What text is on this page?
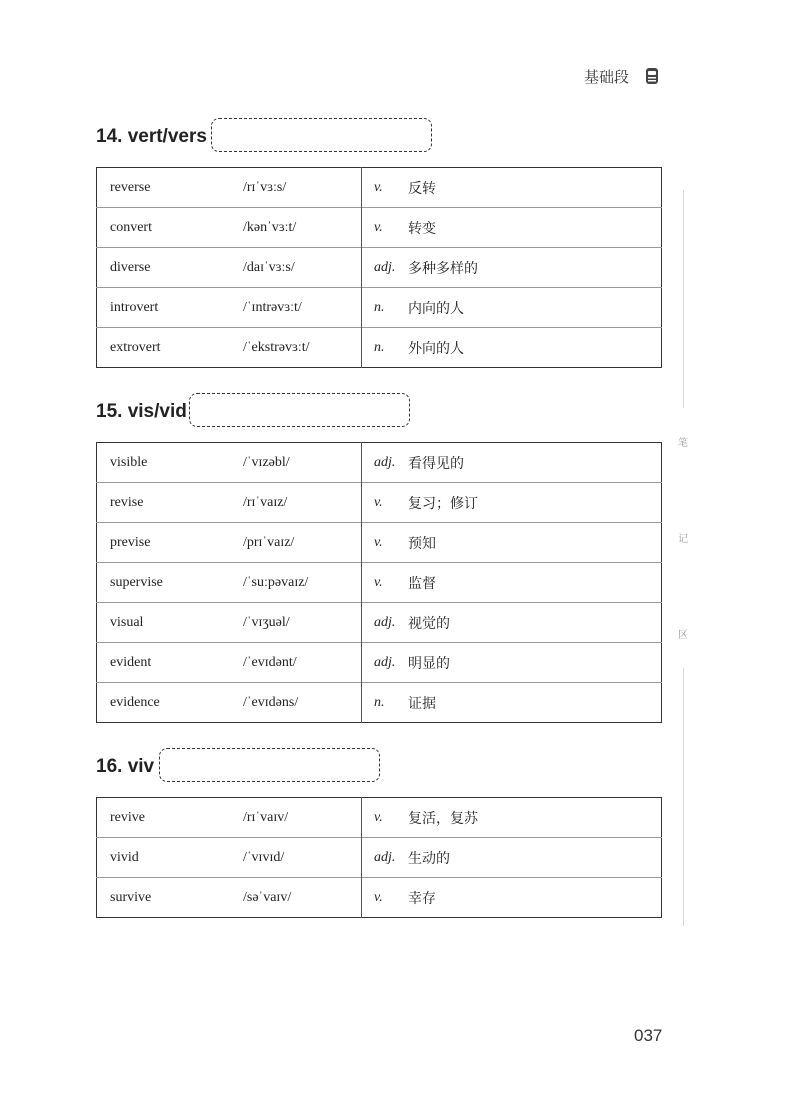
基础段
笔
记
区
14. vert/vers
reverse	/rɪˈvɜːs/	v.	反转
convert	/kənˈvɜːt/	v.	转变
diverse	/daɪˈvɜːs/	adj.	多种多样的
introvert	/ˈɪntrəvɜːt/	n.	内向的人
extrovert	/ˈekstrəvɜːt/	n.	外向的人
15. vis/vid
visible	/ˈvɪzəbl/	adj.	看得见的
revise	/rɪˈvaɪz/	v.	复习；修订
previse	/prɪˈvaɪz/	v.	预知
supervise	/ˈsuːpəvaɪz/	v.	监督
visual	/ˈvɪʒuəl/	adj.	视觉的
evident	/ˈevɪdənt/	adj.	明显的
evidence	/ˈevɪdəns/	n.	证据
16. viv
revive	/rɪˈvaɪv/	v.	复活，复苏
vivid	/ˈvɪvɪd/	adj.	生动的
survive	/səˈvaɪv/	v.	幸存
037
